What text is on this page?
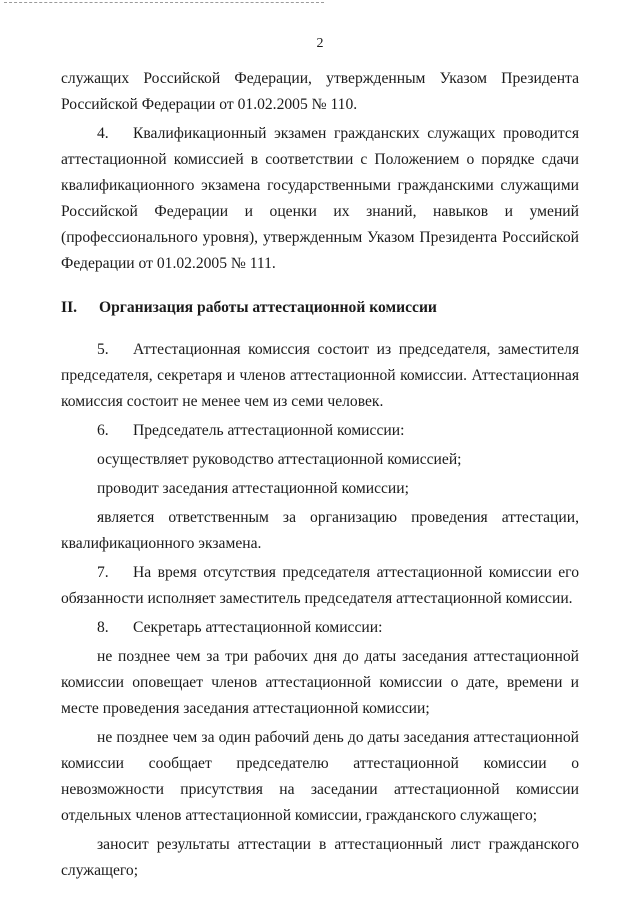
2

служащих Российской Федерации, утвержденным Указом Президента Российской Федерации от 01.02.2005 № 110.

4. Квалификационный экзамен гражданских служащих проводится аттестационной комиссией в соответствии с Положением о порядке сдачи квалификационного экзамена государственными гражданскими служащими Российской Федерации и оценки их знаний, навыков и умений (профессионального уровня), утвержденным Указом Президента Российской Федерации от 01.02.2005 № 111.

II. Организация работы аттестационной комиссии

5. Аттестационная комиссия состоит из председателя, заместителя председателя, секретаря и членов аттестационной комиссии. Аттестационная комиссия состоит не менее чем из семи человек.

6. Председатель аттестационной комиссии:

осуществляет руководство аттестационной комиссией;

проводит заседания аттестационной комиссии;

является ответственным за организацию проведения аттестации, квалификационного экзамена.

7. На время отсутствия председателя аттестационной комиссии его обязанности исполняет заместитель председателя аттестационной комиссии.

8. Секретарь аттестационной комиссии:

не позднее чем за три рабочих дня до даты заседания аттестационной комиссии оповещает членов аттестационной комиссии о дате, времени и месте проведения заседания аттестационной комиссии;

не позднее чем за один рабочий день до даты заседания аттестационной комиссии сообщает председателю аттестационной комиссии о невозможности присутствия на заседании аттестационной комиссии отдельных членов аттестационной комиссии, гражданского служащего;

заносит результаты аттестации в аттестационный лист гражданского служащего;
